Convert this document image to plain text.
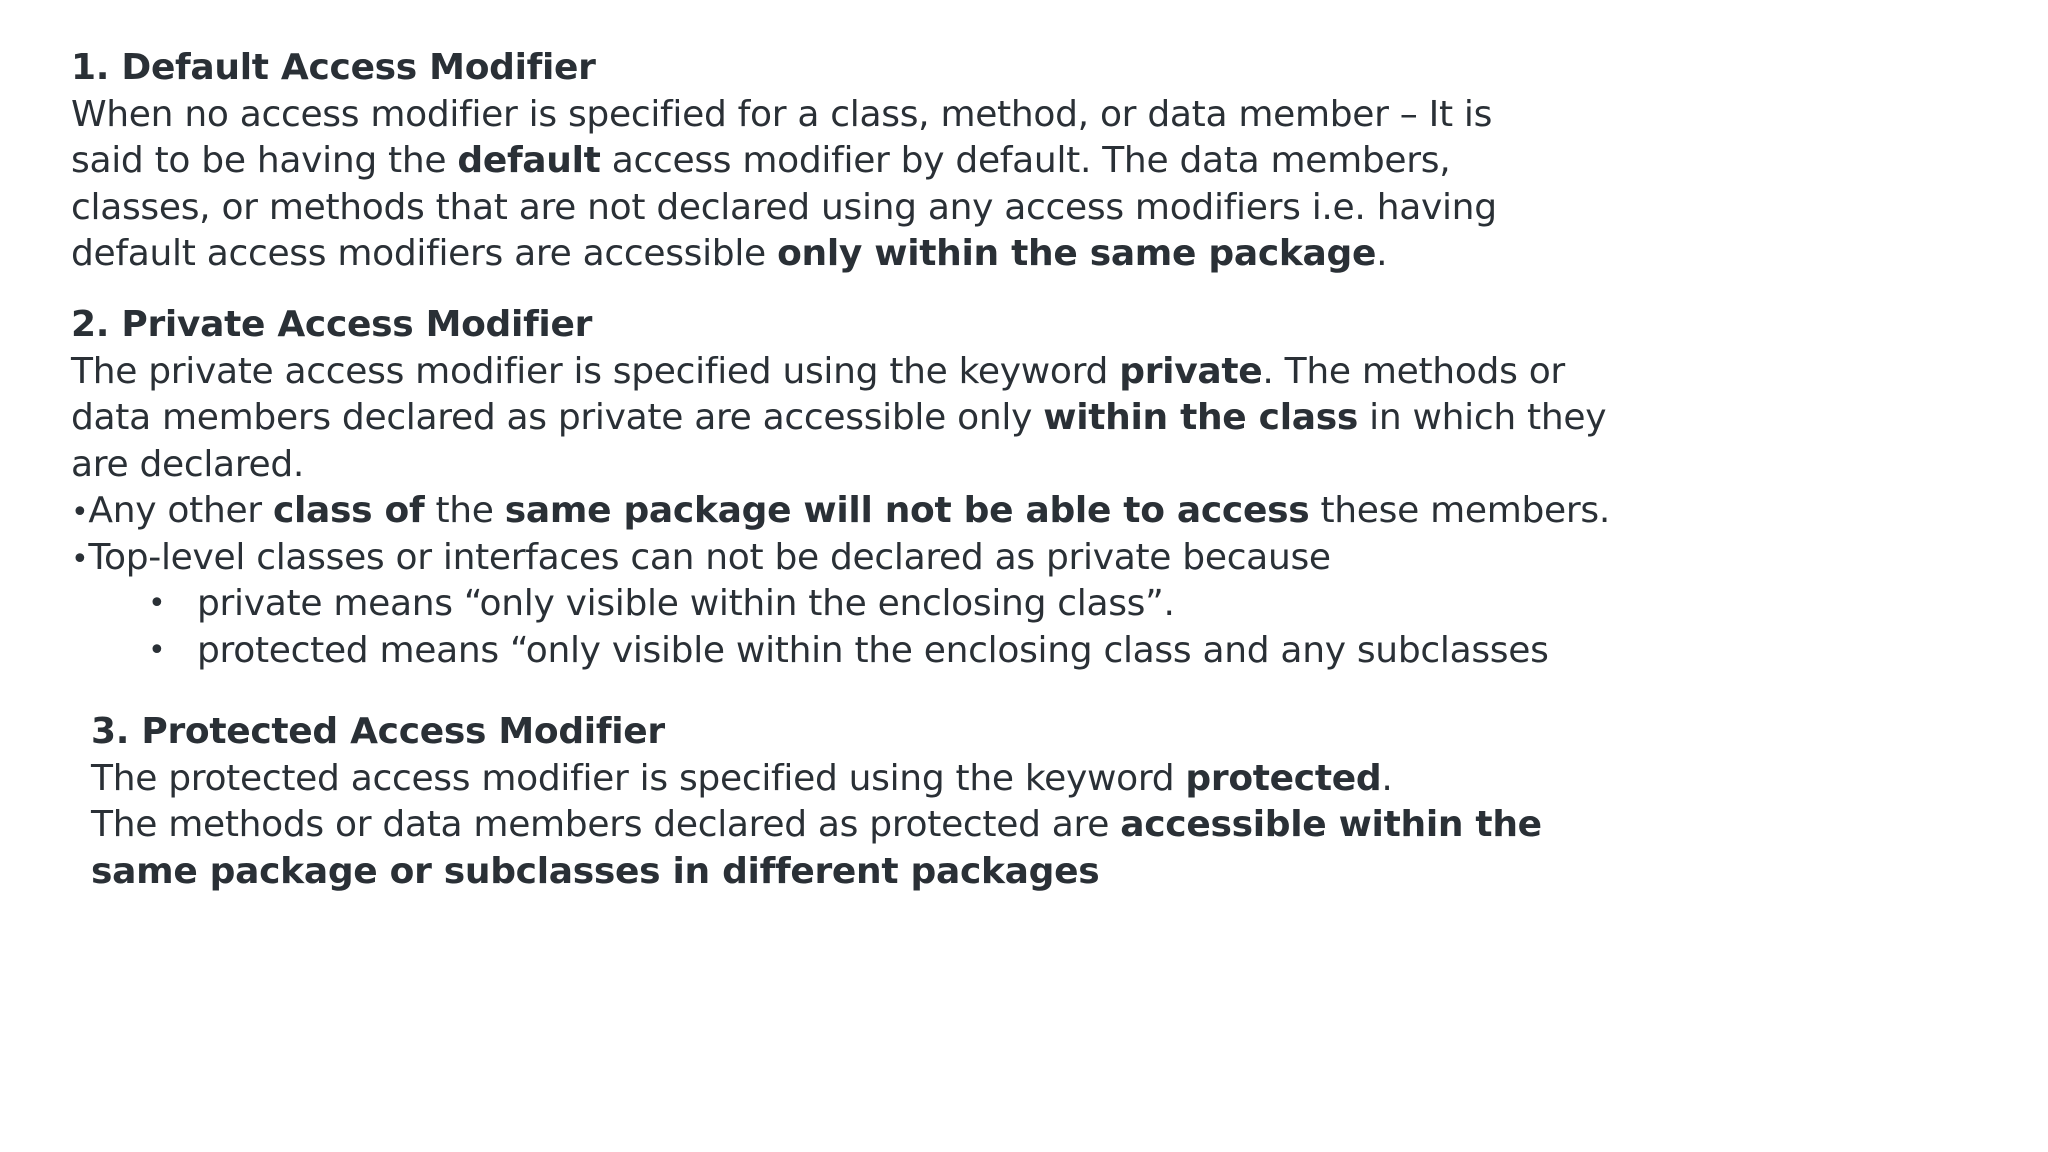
1. Default Access Modifier
When no access modifier is specified for a class, method, or data member – It is
said to be having the default access modifier by default. The data members,
classes, or methods that are not declared using any access modifiers i.e. having
default access modifiers are accessible only within the same package.
2. Private Access Modifier
The private access modifier is specified using the keyword private. The methods or
data members declared as private are accessible only within the class in which they
are declared.
•Any other class of the same package will not be able to access these members.
•Top-level classes or interfaces can not be declared as private because
• private means “only visible within the enclosing class”.
• protected means “only visible within the enclosing class and any subclasses
3. Protected Access Modifier
The protected access modifier is specified using the keyword protected.
The methods or data members declared as protected are accessible within the
same package or subclasses in different packages
